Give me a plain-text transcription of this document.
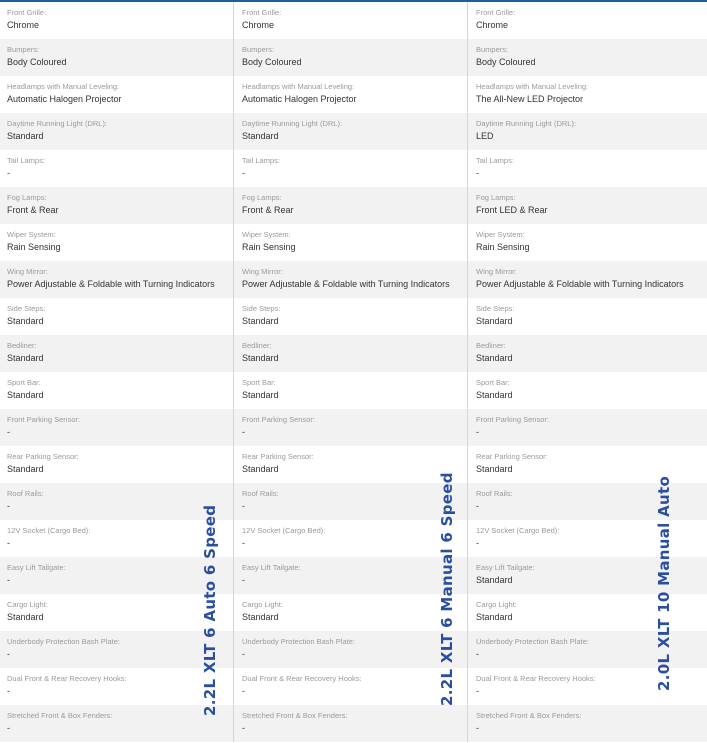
Front Grille:
Chrome
Front Grille:
Chrome
Front Grille:
Chrome
Bumpers:
Body Coloured
Bumpers:
Body Coloured
Bumpers:
Body Coloured
Headlamps with Manual Leveling:
Automatic Halogen Projector
Headlamps with Manual Leveling:
Automatic Halogen Projector
Headlamps with Manual Leveling:
The All-New LED Projector
Daytime Running Light (DRL):
Standard
Daytime Running Light (DRL):
Standard
Daytime Running Light (DRL):
LED
Tail Lamps:
-
Tail Lamps:
-
Tail Lamps:
-
Fog Lamps:
Front & Rear
Fog Lamps:
Front & Rear
Fog Lamps:
Front LED & Rear
Wiper System:
Rain Sensing
Wiper System:
Rain Sensing
Wiper System:
Rain Sensing
Wing Mirror:
Power Adjustable & Foldable with Turning Indicators
Wing Mirror:
Power Adjustable & Foldable with Turning Indicators
Wing Mirror:
Power Adjustable & Foldable with Turning Indicators
Side Steps:
Standard
Side Steps:
Standard
Side Steps:
Standard
Bedliner:
Standard
Bedliner:
Standard
Bedliner:
Standard
Sport Bar:
Standard
Sport Bar:
Standard
Sport Bar:
Standard
Front Parking Sensor:
-
Front Parking Sensor:
-
Front Parking Sensor:
-
Rear Parking Sensor:
Standard
Rear Parking Sensor:
Standard
Rear Parking Sensor:
Standard
Roof Rails:
-
Roof Rails:
-
Roof Rails:
-
12V Socket (Cargo Bed):
-
12V Socket (Cargo Bed):
-
12V Socket (Cargo Bed):
-
Easy Lift Tailgate:
-
Easy Lift Tailgate:
-
Easy Lift Tailgate:
Standard
Cargo Light:
Standard
Cargo Light:
Standard
Cargo Light:
Standard
Underbody Protection Bash Plate:
-
Underbody Protection Bash Plate:
-
Underbody Protection Bash Plate:
-
Dual Front & Rear Recovery Hooks:
-
Dual Front & Rear Recovery Hooks:
-
Dual Front & Rear Recovery Hooks:
-
Stretched Front & Box Fenders:
-
Stretched Front & Box Fenders:
-
Stretched Front & Box Fenders:
-
2.2L XLT 6 Auto 6 Speed	2.2L XLT 6 Manual 6 Speed	2.0L XLT 10 Manual Auto
